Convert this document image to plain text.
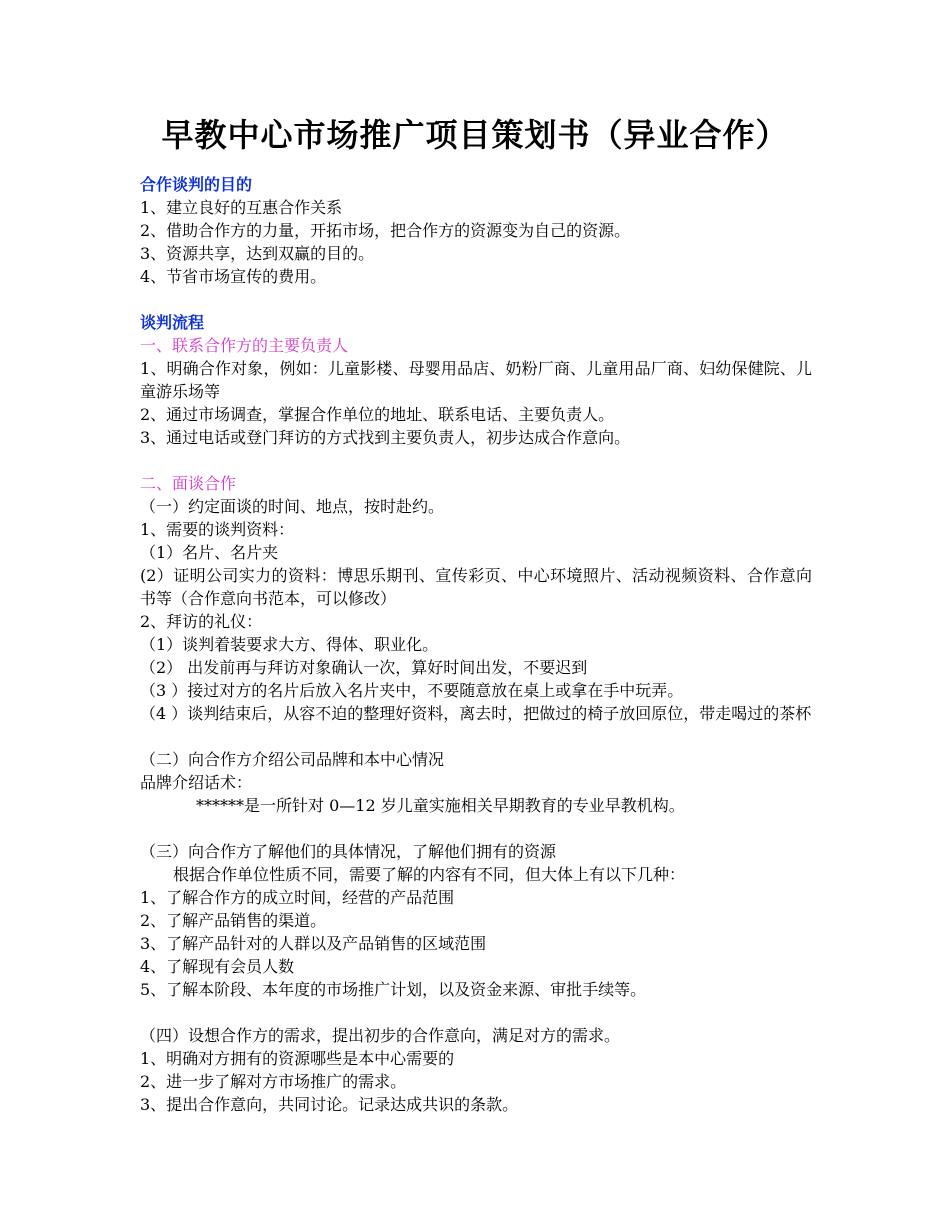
早教中心市场推广项目策划书（异业合作）

合作谈判的目的

1、建立良好的互惠合作关系

2、借助合作方的力量，开拓市场，把合作方的资源变为自己的资源。

3、资源共享，达到双赢的目的。

4、节省市场宣传的费用。

谈判流程

一、联系合作方的主要负责人

1、明确合作对象，例如：儿童影楼、母婴用品店、奶粉厂商、儿童用品厂商、妇幼保健院、儿童游乐场等

2、通过市场调查，掌握合作单位的地址、联系电话、主要负责人。

3、通过电话或登门拜访的方式找到主要负责人，初步达成合作意向。

二、面谈合作

（一）约定面谈的时间、地点，按时赴约。

1、需要的谈判资料：

（1）名片、名片夹

(2）证明公司实力的资料：博思乐期刊、宣传彩页、中心环境照片、活动视频资料、合作意向书等（合作意向书范本，可以修改）

2、拜访的礼仪：

（1）谈判着装要求大方、得体、职业化。

（2） 出发前再与拜访对象确认一次，算好时间出发，不要迟到

（3 ）接过对方的名片后放入名片夹中，不要随意放在桌上或拿在手中玩弄。

（4 ）谈判结束后，从容不迫的整理好资料，离去时，把做过的椅子放回原位，带走喝过的茶杯

（二）向合作方介绍公司品牌和本中心情况

品牌介绍话术：

******是一所针对 0—12 岁儿童实施相关早期教育的专业早教机构。

（三）向合作方了解他们的具体情况，了解他们拥有的资源

根据合作单位性质不同，需要了解的内容有不同，但大体上有以下几种：

1、了解合作方的成立时间，经营的产品范围

2、了解产品销售的渠道。

3、了解产品针对的人群以及产品销售的区域范围

4、了解现有会员人数

5、了解本阶段、本年度的市场推广计划，以及资金来源、审批手续等。

（四）设想合作方的需求，提出初步的合作意向，满足对方的需求。

1、明确对方拥有的资源哪些是本中心需要的

2、进一步了解对方市场推广的需求。

3、提出合作意向，共同讨论。记录达成共识的条款。
